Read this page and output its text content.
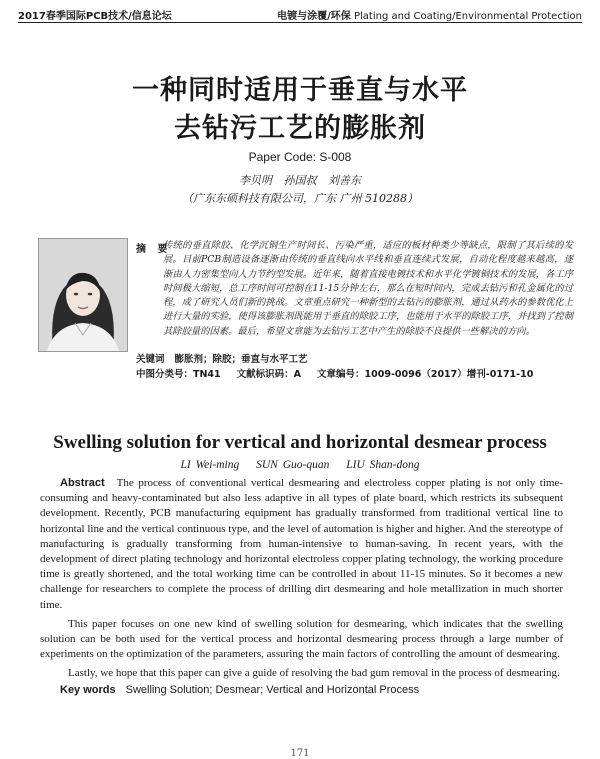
2017春季国际PCB技术/信息论坛	电镀与涂覆/环保 Plating and Coating/Environmental Protection
一种同时适用于垂直与水平
去钻污工艺的膨胀剂
Paper Code: S-008
李贝明 孙国叔 刘善东
（广东东硕科技有限公司，广东 广州 510288）
摘 要
传统的垂直除胶、化学沉铜生产时间长、污染严重，适应的板材种类少等缺点，限制了其后续的发展。目前PCB制造设备逐渐由传统的垂直线向水平线和垂直连续式发展，自动化程度越来越高，逐渐由人力密集型向人力节约型发展。近年来，随着直接电镀技术和水平化学镀铜技术的发展，各工序时间极大缩短，总工序时间可控制在11-15分钟左右，那么在短时间内，完成去钻污和孔金属化的过程，成了研究人员们新的挑战。文章重点研究一种新型的去钻污的膨胀剂，通过从药水的参数优化上进行大量的实验，使得该膨胀剂既能用于垂直的除胶工序，也能用于水平的除胶工序，并找到了控制其除胶量的因素。最后，希望文章能为去钻污工艺中产生的除胶不良提供一些解决的方向。
关键词 膨胀剂；除胶；垂直与水平工艺
中图分类号：TN41 文献标识码：A 文章编号：1009-0096（2017）增刊-0171-10
Swelling solution for vertical and horizontal desmear process
LI Wei-ming SUN Guo-quan LIU Shan-dong

Abstract The process of conventional vertical desmearing and electroless copper plating is not only time-consuming and heavy-contaminated but also less adaptive in all types of plate board, which restricts its subsequent development. Recently, PCB manufacturing equipment has gradually transformed from traditional vertical line to horizontal line and the vertical continuous type, and the level of automation is higher and higher. And the stereotype of manufacturing is gradually transforming from human-intensive to human-saving. In recent years, with the development of direct plating technology and horizontal electroless copper plating technology, the working procedure time is greatly shortened, and the total working time can be controlled in about 11-15 minutes. So it becomes a new challenge for researchers to complete the process of drilling dirt desmearing and hole metallization in much shorter time.

This paper focuses on one new kind of swelling solution for desmearing, which indicates that the swelling solution can be both used for the vertical process and horizontal desmearing process through a large number of experiments on the optimization of the parameters, assuring the main factors of controlling the amount of desmearing.

Lastly, we hope that this paper can give a guide of resolving the bad gum removal in the process of desmearing.

Key words Swelling Solution; Desmear; Vertical and Horizontal Process
171
